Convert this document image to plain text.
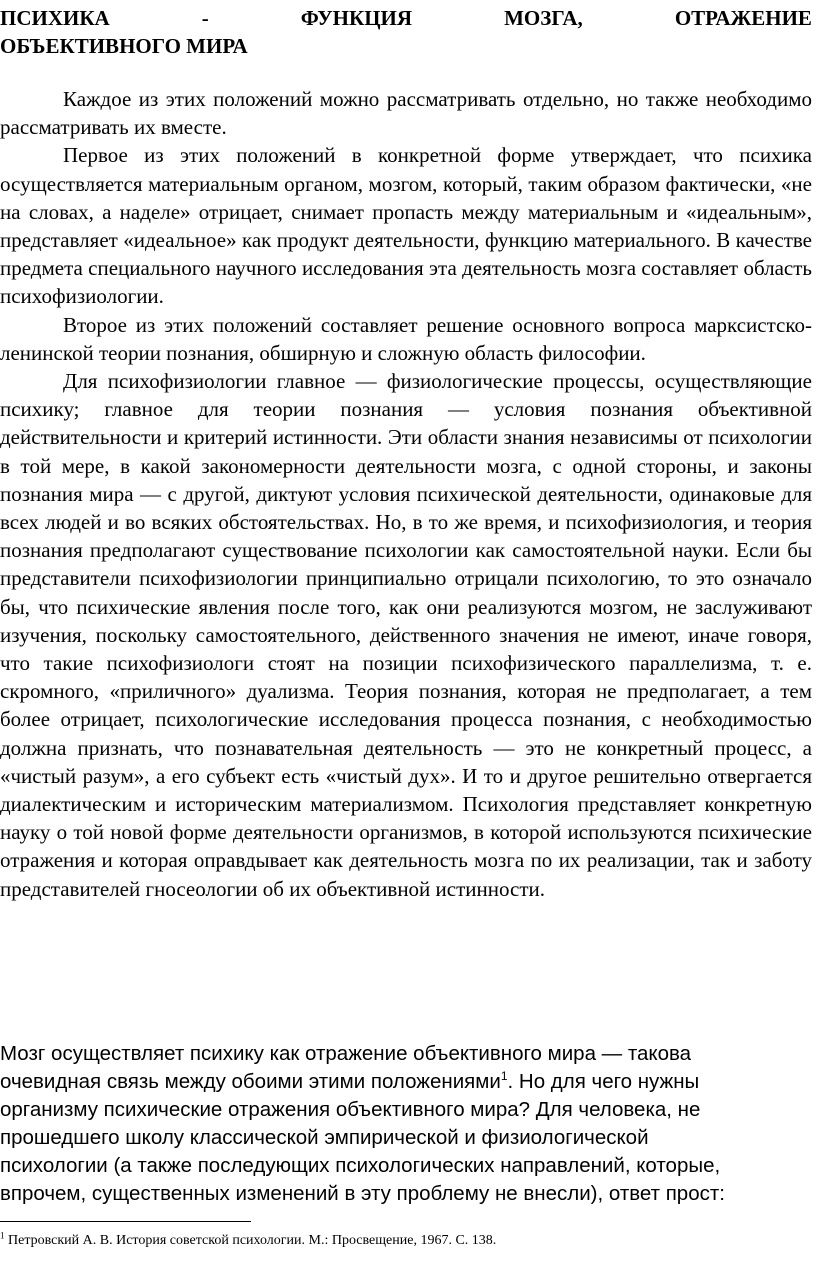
ПСИХИКА	-	ФУНКЦИЯ	МОЗГА,	ОТРАЖЕНИЕ
ОБЪЕКТИВНОГО МИРА

Каждое из этих положений можно рассматривать отдельно, но также необходимо рассматривать их вместе.

Первое из этих положений в конкретной форме утверждает, что психика осуществляется материальным органом, мозгом, который, таким образом фактически, «не на словах, а наделе» отрицает, снимает пропасть между материальным и «идеальным», представляет «идеальное» как продукт деятельности, функцию материального. В качестве предмета специального научного исследования эта деятельность мозга составляет область психофизиологии.

Второе из этих положений составляет решение основного вопроса марксистско-ленинской теории познания, обширную и сложную область философии.

Для психофизиологии главное — физиологические процессы, осуществляющие психику; главное для теории познания — условия познания объективной действительности и критерий истинности. Эти области знания независимы от психологии в той мере, в какой закономерности деятельности мозга, с одной стороны, и законы познания мира — с другой, диктуют условия психической деятельности, одинаковые для всех людей и во всяких обстоятельствах. Но, в то же время, и психофизиология, и теория познания предполагают существование психологии как самостоятельной науки. Если бы представители психофизиологии принципиально отрицали психологию, то это означало бы, что психические явления после того, как они реализуются мозгом, не заслуживают изучения, поскольку самостоятельного, действенного значения не имеют, иначе говоря, что такие психофизиологи стоят на позиции психофизического параллелизма, т. е. скромного, «приличного» дуализма. Теория познания, которая не предполагает, а тем более отрицает, психологические исследования процесса познания, с необходимостью должна признать, что познавательная деятельность — это не конкретный процесс, а «чистый разум», а его субъект есть «чистый дух». И то и другое решительно отвергается диалектическим и историческим материализмом. Психология представляет конкретную науку о той новой форме деятельности организмов, в которой используются психические отражения и которая оправдывает как деятельность мозга по их реализации, так и заботу представителей гносеологии об их объективной истинности.

Мозг осуществляет психику как отражение объективного мира — такова

очевидная связь между обоими этими положениями$^1$. Но для чего нужны

организму психические отражения объективного мира? Для человека, не

прошедшего школу классической эмпирической и физиологической

психологии (а также последующих психологических направлений, которые,

впрочем, существенных изменений в эту проблему не внесли), ответ прост:

$^1$ Петровский А. В. История советской психологии. М.: Просвещение, 1967. С. 138.
